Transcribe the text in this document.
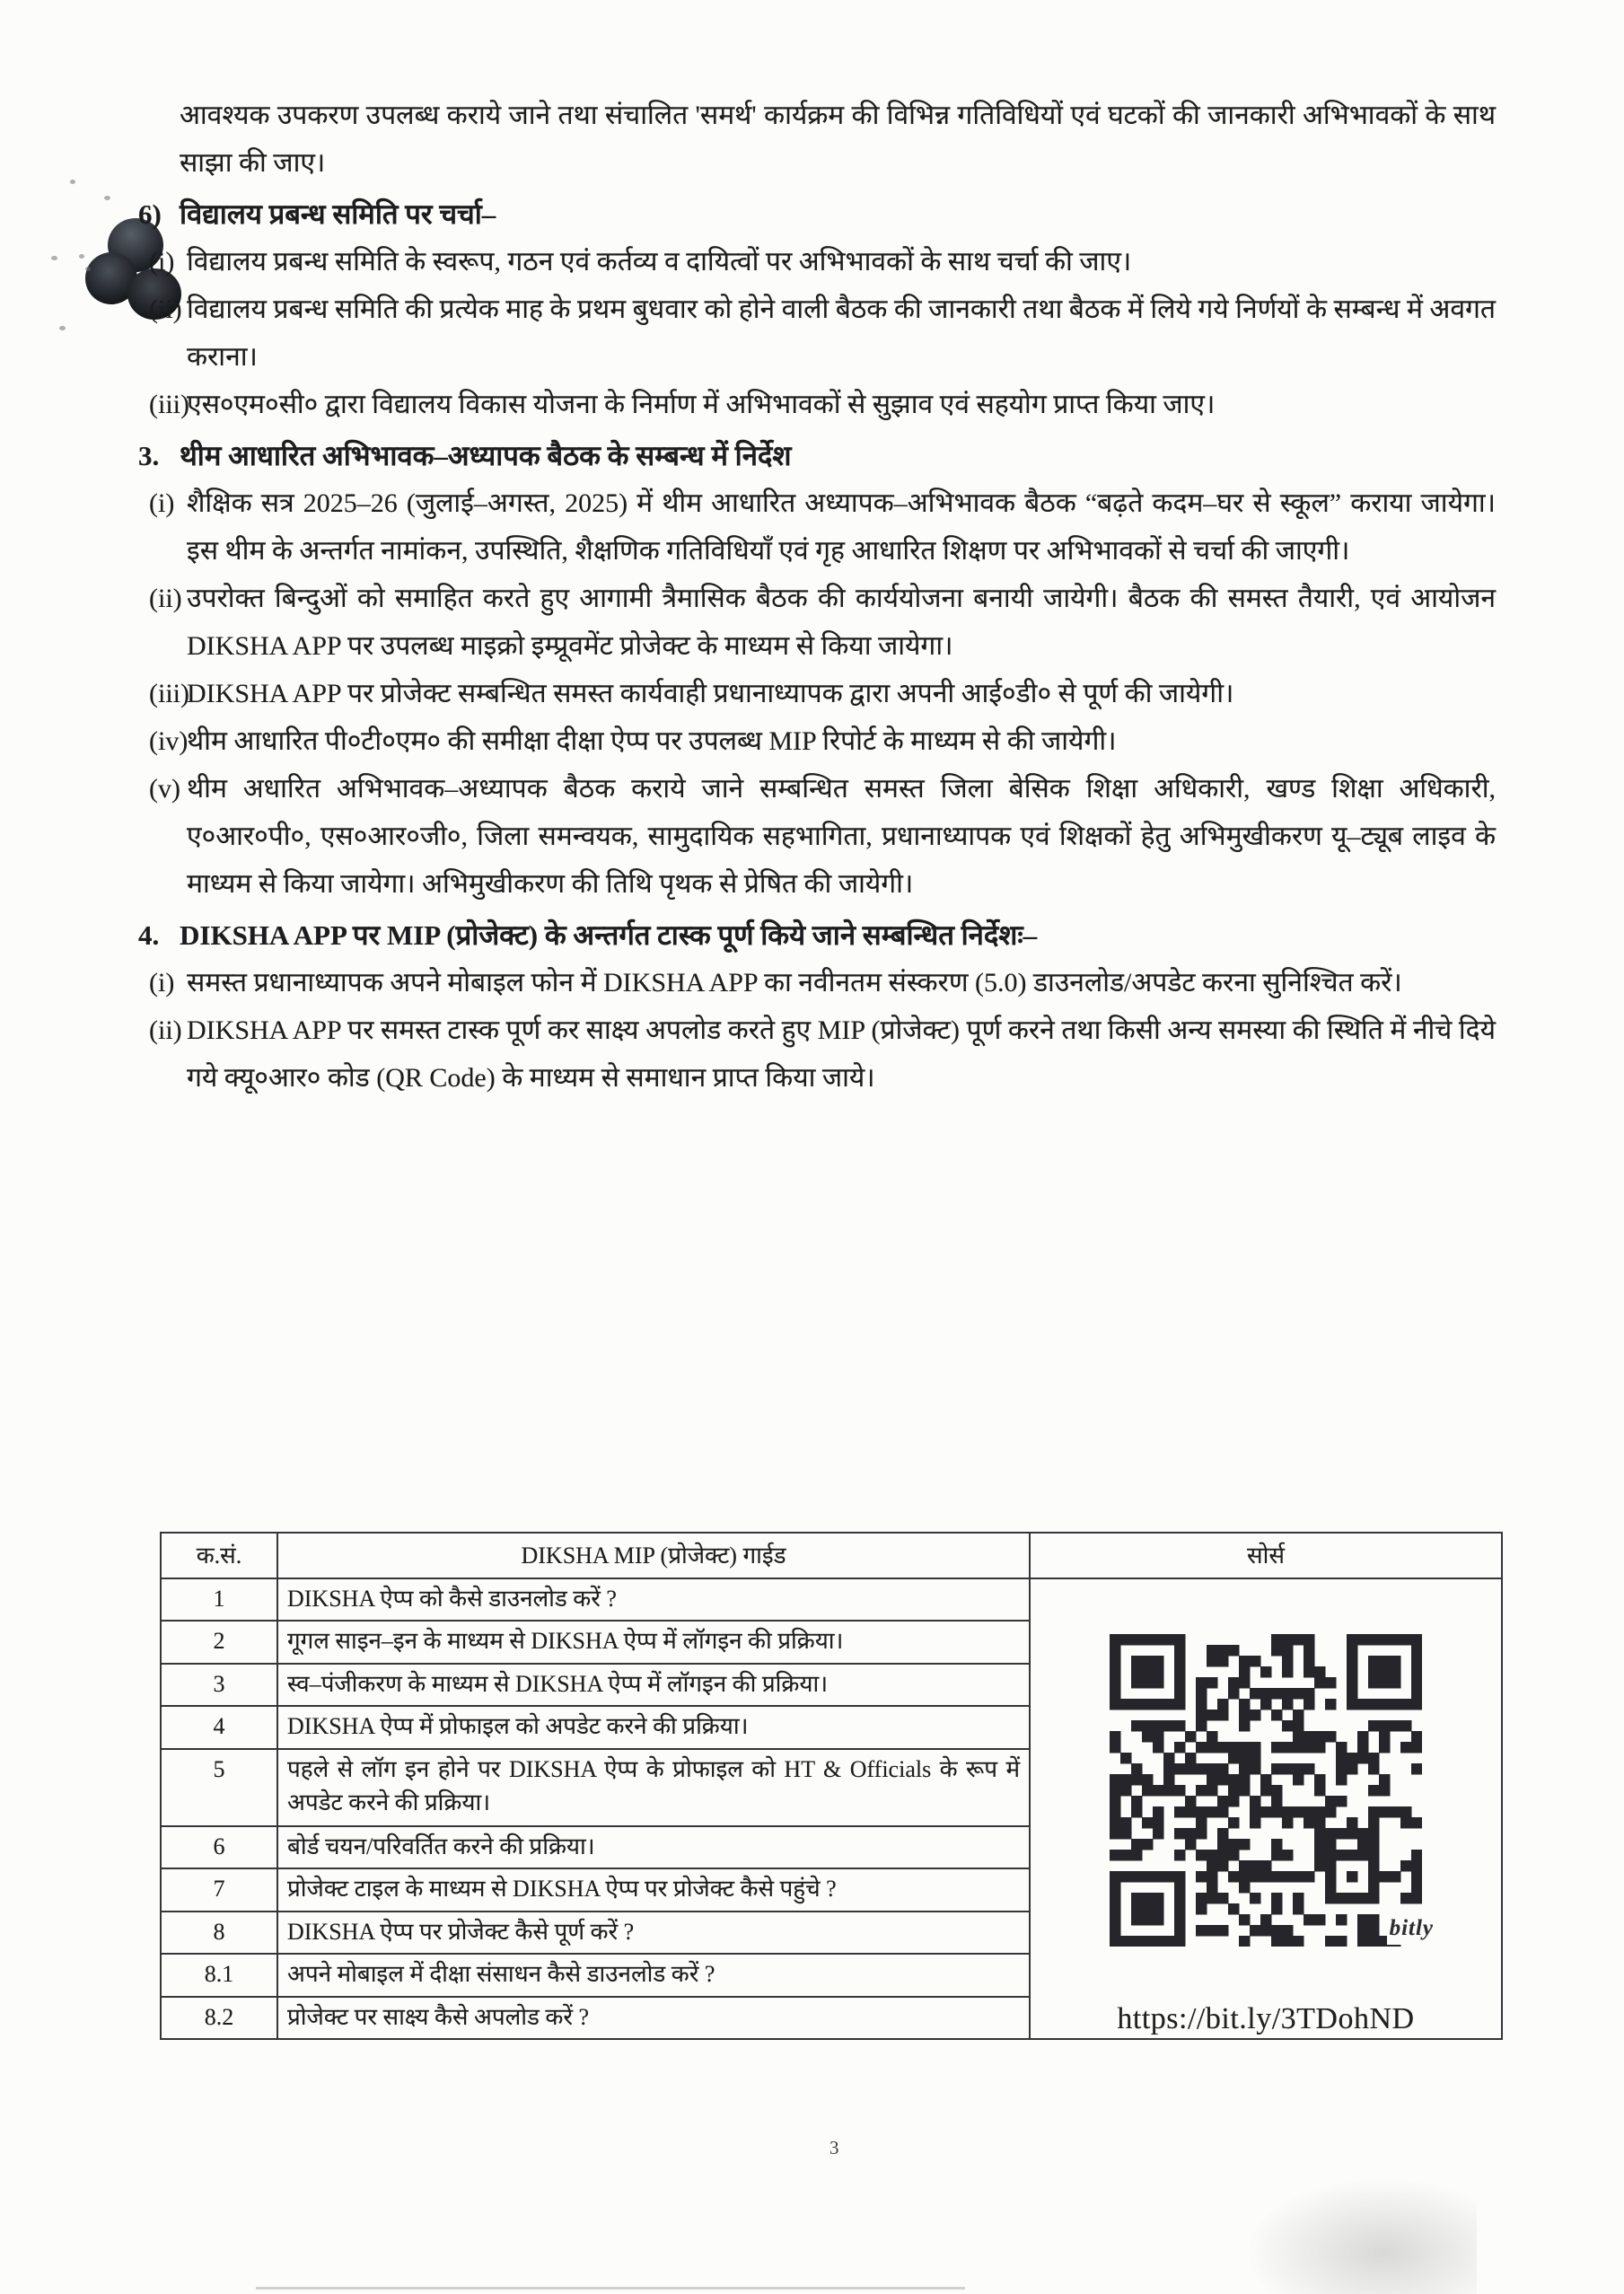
आवश्यक उपकरण उपलब्ध कराये जाने तथा संचालित 'समर्थ' कार्यक्रम की विभिन्न गतिविधियों एवं घटकों की जानकारी अभिभावकों के साथ साझा की जाए।

6) विद्यालय प्रबन्ध समिति पर चर्चा–
(i) विद्यालय प्रबन्ध समिति के स्वरूप, गठन एवं कर्तव्य व दायित्वों पर अभिभावकों के साथ चर्चा की जाए।
(ii) विद्यालय प्रबन्ध समिति की प्रत्येक माह के प्रथम बुधवार को होने वाली बैठक की जानकारी तथा बैठक में लिये गये निर्णयों के सम्बन्ध में अवगत कराना।
(iii)
एस०एम०सी० द्वारा विद्यालय विकास योजना के निर्माण में अभिभावकों से सुझाव एवं सहयोग प्राप्त किया जाए।
3. थीम आधारित अभिभावक–अध्यापक बैठक के सम्बन्ध में निर्देश
(i) शैक्षिक सत्र 2025–26 (जुलाई–अगस्त, 2025) में थीम आधारित अध्यापक–अभिभावक बैठक “बढ़ते कदम–घर से स्कूल” कराया जायेगा। इस थीम के अन्तर्गत नामांकन, उपस्थिति, शैक्षणिक गतिविधियाँ एवं गृह आधारित शिक्षण पर अभिभावकों से चर्चा की जाएगी।
(ii) उपरोक्त बिन्दुओं को समाहित करते हुए आगामी त्रैमासिक बैठक की कार्ययोजना बनायी जायेगी। बैठक की समस्त तैयारी, एवं आयोजन DIKSHA APP पर उपलब्ध माइक्रो इम्प्रूवमेंट प्रोजेक्ट के माध्यम से किया जायेगा।
(iii)
DIKSHA APP पर प्रोजेक्ट सम्बन्धित समस्त कार्यवाही प्रधानाध्यापक द्वारा अपनी आई०डी० से पूर्ण की जायेगी।
(iv)
थीम आधारित पी०टी०एम० की समीक्षा दीक्षा ऐप्प पर उपलब्ध MIP रिपोर्ट के माध्यम से की जायेगी।
(v) थीम अधारित अभिभावक–अध्यापक बैठक कराये जाने सम्बन्धित समस्त जिला बेसिक शिक्षा अधिकारी, खण्ड शिक्षा अधिकारी, ए०आर०पी०, एस०आर०जी०, जिला समन्वयक, सामुदायिक सहभागिता, प्रधानाध्यापक एवं शिक्षकों हेतु अभिमुखीकरण यू–ट्यूब लाइव के माध्यम से किया जायेगा। अभिमुखीकरण की तिथि पृथक से प्रेषित की जायेगी।
4. DIKSHA APP पर MIP (प्रोजेक्ट) के अन्तर्गत टास्क पूर्ण किये जाने सम्बन्धित निर्देशः–
(i) समस्त प्रधानाध्यापक अपने मोबाइल फोन में DIKSHA APP का नवीनतम संस्करण (5.0) डाउनलोड/अपडेट करना सुनिश्चित करें।
(ii) DIKSHA APP पर समस्त टास्क पूर्ण कर साक्ष्य अपलोड करते हुए MIP (प्रोजेक्ट) पूर्ण करने तथा किसी अन्य समस्या की स्थिति में नीचे दिये गये क्यू०आर० कोड (QR Code) के माध्यम से समाधान प्राप्त किया जाये।
क.सं.	DIKSHA MIP (प्रोजेक्ट) गाईड	सोर्स
1	DIKSHA ऐप्प को कैसे डाउनलोड करें ?	bitly
https://bit.ly/3TDohND

2	गूगल साइन–इन के माध्यम से DIKSHA ऐप्प में लॉगइन की प्रक्रिया।	
3	स्व–पंजीकरण के माध्यम से DIKSHA ऐप्प में लॉगइन की प्रक्रिया।	
4	DIKSHA ऐप्प में प्रोफाइल को अपडेट करने की प्रक्रिया।	
5	पहले से लॉग इन होने पर DIKSHA ऐप्प के प्रोफाइल को HT & Officials के रूप में अपडेट करने की प्रक्रिया।	
6	बोर्ड चयन/परिवर्तित करने की प्रक्रिया।	
7	प्रोजेक्ट टाइल के माध्यम से DIKSHA ऐप्प पर प्रोजेक्ट कैसे पहुंचे ?	
8	DIKSHA ऐप्प पर प्रोजेक्ट कैसे पूर्ण करें ?	
8.1	अपने मोबाइल में दीक्षा संसाधन कैसे डाउनलोड करें ?	
8.2	प्रोजेक्ट पर साक्ष्य कैसे अपलोड करें ?	
3
